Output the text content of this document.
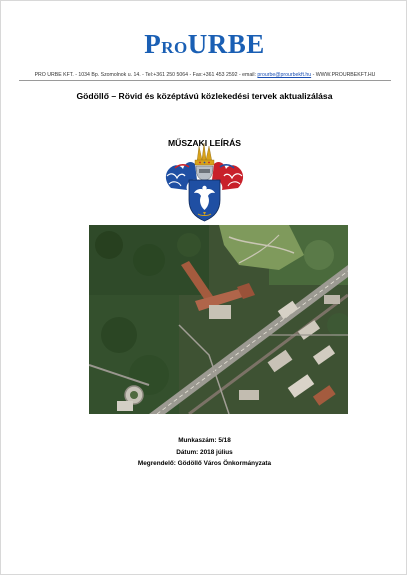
PROURBE
PRO URBE KFT. - 1034 Bp. Szomolnok u. 14. - Tel:+361 250 5064 - Fax:+361 453 2592 - email: prourbe@prourbekft.hu - WWW.PROURBEKFT.HU
Gödöllő – Rövid és középtávú közlekedési tervek aktualizálása
MŰSZAKI LEÍRÁS
Munkaszám: 5/18
Dátum: 2018 július
Megrendelő: Gödöllő Város Önkormányzata
